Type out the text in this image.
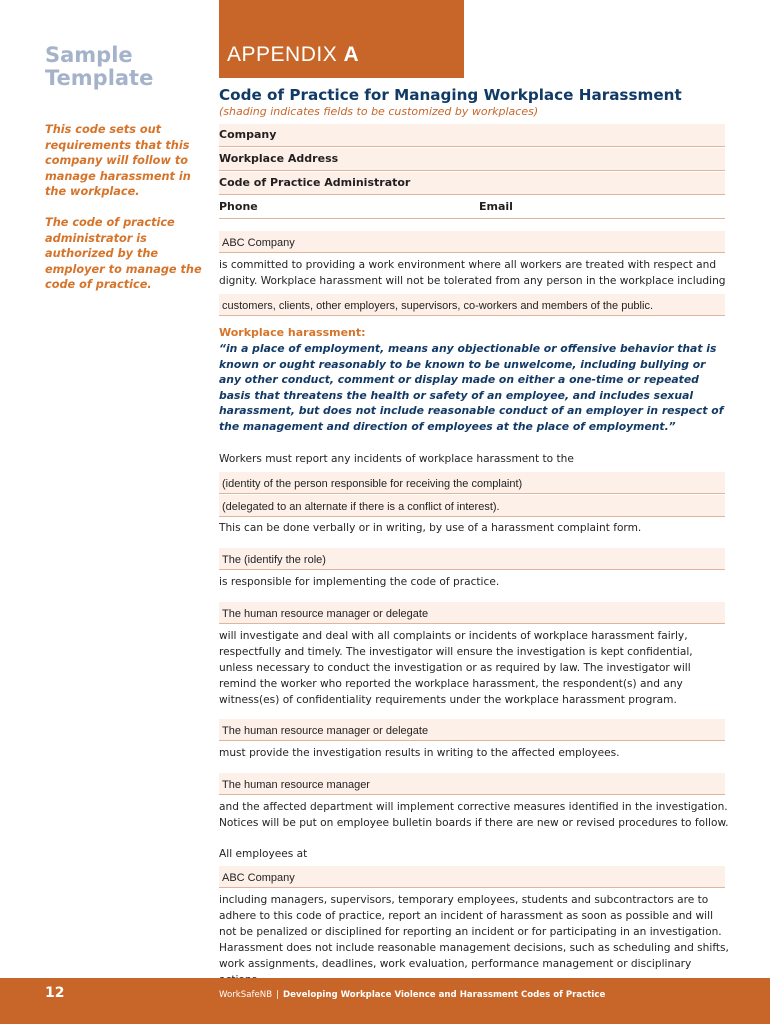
Sample
Template
This code sets out requirements that this company will follow to manage harassment in the workplace.
The code of practice administrator is authorized by the employer to manage the code of practice.
APPENDIX A
Code of Practice for Managing Workplace Harassment
(shading indicates fields to be customized by workplaces)
Company
Workplace Address
Code of Practice Administrator
Phone	Email
ABC Company
is committed to providing a work environment where all workers are treated with respect and dignity. Workplace harassment will not be tolerated from any person in the workplace including
customers, clients, other employers, supervisors, co-workers and members of the public.
Workplace harassment:
“in a place of employment, means any objectionable or offensive behavior that is known or ought reasonably to be known to be unwelcome, including bullying or any other conduct, comment or display made on either a one-time or repeated basis that threatens the health or safety of an employee, and includes sexual harassment, but does not include reasonable conduct of an employer in respect of the management and direction of employees at the place of employment.”
Workers must report any incidents of workplace harassment to the
(identity of the person responsible for receiving the complaint)
(delegated to an alternate if there is a conflict of interest).
This can be done verbally or in writing, by use of a harassment complaint form.
The (identify the role)
is responsible for implementing the code of practice.
The human resource manager or delegate
will investigate and deal with all complaints or incidents of workplace harassment fairly, respectfully and timely. The investigator will ensure the investigation is kept confidential, unless necessary to conduct the investigation or as required by law. The investigator will remind the worker who reported the workplace harassment, the respondent(s) and any witness(es) of confidentiality requirements under the workplace harassment program.
The human resource manager or delegate
must provide the investigation results in writing to the affected employees.
The human resource manager
and the affected department will implement corrective measures identified in the investigation. Notices will be put on employee bulletin boards if there are new or revised procedures to follow.
All employees at
ABC Company
including managers, supervisors, temporary employees, students and subcontractors are to adhere to this code of practice, report an incident of harassment as soon as possible and will not be penalized or disciplined for reporting an incident or for participating in an investigation. Harassment does not include reasonable management decisions, such as scheduling and shifts, work assignments, deadlines, work evaluation, performance management or disciplinary
12	WorkSafeNB | Developing Workplace Violence and Harassment Codes of Practice
